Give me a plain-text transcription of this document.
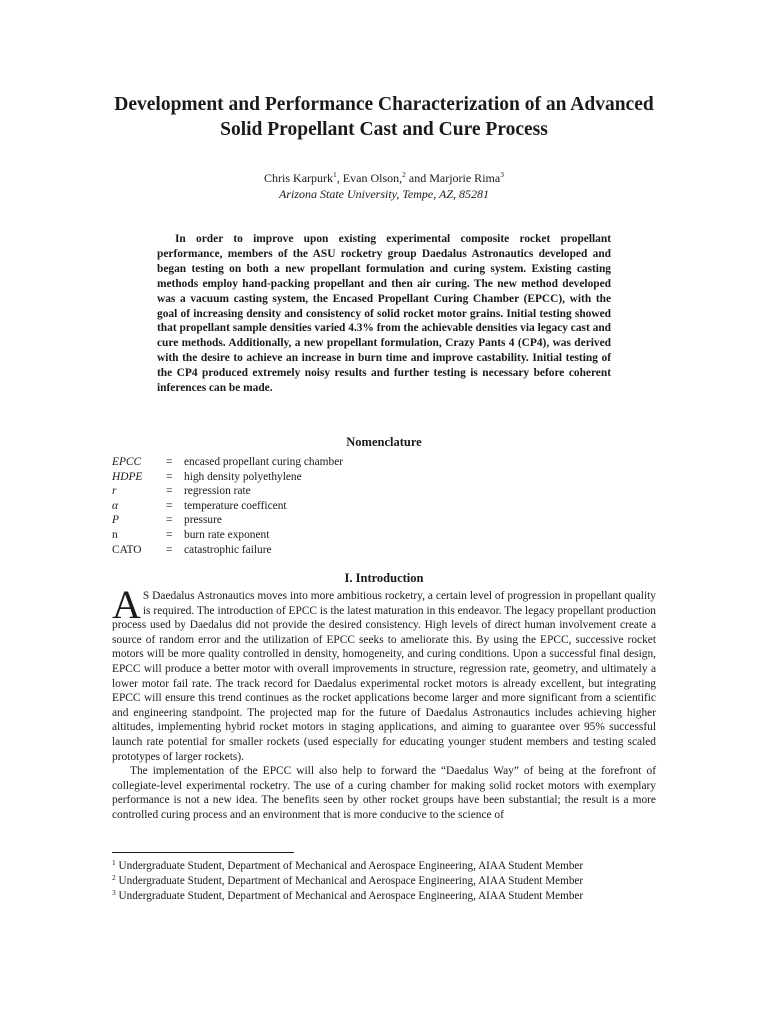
Development and Performance Characterization of an Advanced Solid Propellant Cast and Cure Process
Chris Karpurk$^1$, Evan Olson,$^2$ and Marjorie Rima$^3$
Arizona State University, Tempe, AZ, 85281
In order to improve upon existing experimental composite rocket propellant performance, members of the ASU rocketry group Daedalus Astronautics developed and began testing on both a new propellant formulation and curing system. Existing casting methods employ hand-packing propellant and then air curing. The new method developed was a vacuum casting system, the Encased Propellant Curing Chamber (EPCC), with the goal of increasing density and consistency of solid rocket motor grains. Initial testing showed that propellant sample densities varied 4.3% from the achievable densities via legacy cast and cure methods. Additionally, a new propellant formulation, Crazy Pants 4 (CP4), was derived with the desire to achieve an increase in burn time and improve castability. Initial testing of the CP4 produced extremely noisy results and further testing is necessary before coherent inferences can be made.
Nomenclature
EPCC	=	encased propellant curing chamber
HDPE	=	high density polyethylene
r	=	regression rate
α	=	temperature coefficent
P	=	pressure
n	=	burn rate exponent
CATO	=	catastrophic failure
I. Introduction

A S Daedalus Astronautics moves into more ambitious rocketry, a certain level of progression in propellant quality is required. The introduction of EPCC is the latest maturation in this endeavor. The legacy propellant production process used by Daedalus did not provide the desired consistency. High levels of direct human involvement create a source of random error and the utilization of EPCC seeks to ameliorate this. By using the EPCC, successive rocket motors will be more quality controlled in density, homogeneity, and curing conditions. Upon a successful final design, EPCC will produce a better motor with overall improvements in structure, regression rate, geometry, and ultimately a lower motor fail rate. The track record for Daedalus experimental rocket motors is already excellent, but integrating EPCC will ensure this trend continues as the rocket applications become larger and more significant from a scientific and engineering standpoint. The projected map for the future of Daedalus Astronautics includes achieving higher altitudes, implementing hybrid rocket motors in staging applications, and aiming to guarantee over 95% successful launch rate potential for smaller rockets (used especially for educating younger student members and testing scaled prototypes of larger rockets).

The implementation of the EPCC will also help to forward the “Daedalus Way” of being at the forefront of collegiate-level experimental rocketry. The use of a curing chamber for making solid rocket motors with exemplary performance is not a new idea. The benefits seen by other rocket groups have been substantial; the result is a more controlled curing process and an environment that is more conducive to the science of

$^1$ Undergraduate Student, Department of Mechanical and Aerospace Engineering, AIAA Student Member
$^2$ Undergraduate Student, Department of Mechanical and Aerospace Engineering, AIAA Student Member
$^3$ Undergraduate Student, Department of Mechanical and Aerospace Engineering, AIAA Student Member
